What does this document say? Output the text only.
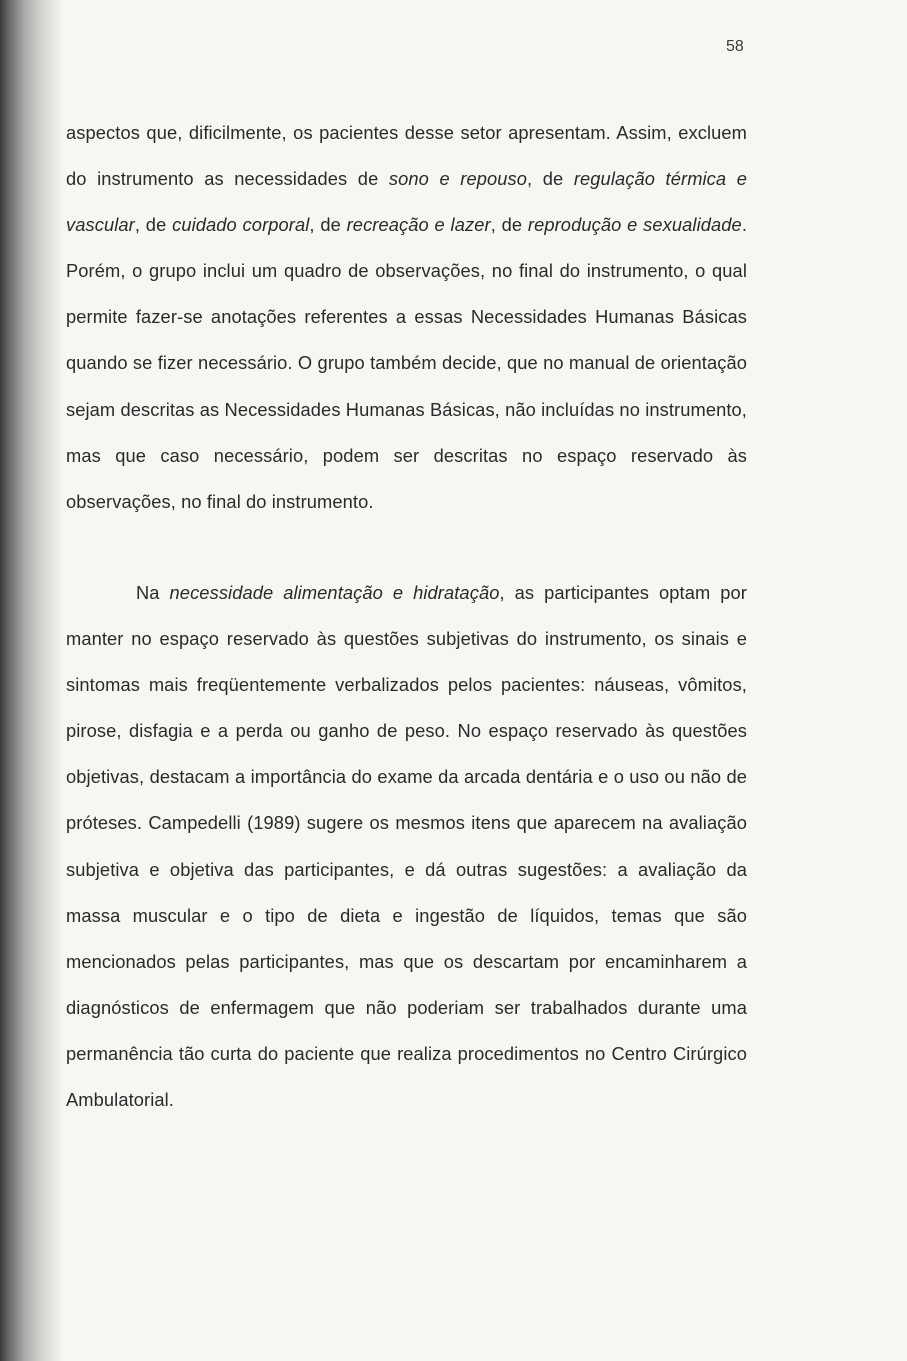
58

aspectos que, dificilmente, os pacientes desse setor apresentam. Assim, excluem do instrumento as necessidades de sono e repouso, de regulação térmica e vascular, de cuidado corporal, de recreação e lazer, de reprodução e sexualidade. Porém, o grupo inclui um quadro de observações, no final do instrumento, o qual permite fazer-se anotações referentes a essas Necessidades Humanas Básicas quando se fizer necessário. O grupo também decide, que no manual de orientação sejam descritas as Necessidades Humanas Básicas, não incluídas no instrumento, mas que caso necessário, podem ser descritas no espaço reservado às observações, no final do instrumento.

Na necessidade alimentação e hidratação, as participantes optam por manter no espaço reservado às questões subjetivas do instrumento, os sinais e sintomas mais freqüentemente verbalizados pelos pacientes: náuseas, vômitos, pirose, disfagia e a perda ou ganho de peso. No espaço reservado às questões objetivas, destacam a importância do exame da arcada dentária e o uso ou não de próteses. Campedelli (1989) sugere os mesmos itens que aparecem na avaliação subjetiva e objetiva das participantes, e dá outras sugestões: a avaliação da massa muscular e o tipo de dieta e ingestão de líquidos, temas que são mencionados pelas participantes, mas que os descartam por encaminharem a diagnósticos de enfermagem que não poderiam ser trabalhados durante uma permanência tão curta do paciente que realiza procedimentos no Centro Cirúrgico Ambulatorial.
